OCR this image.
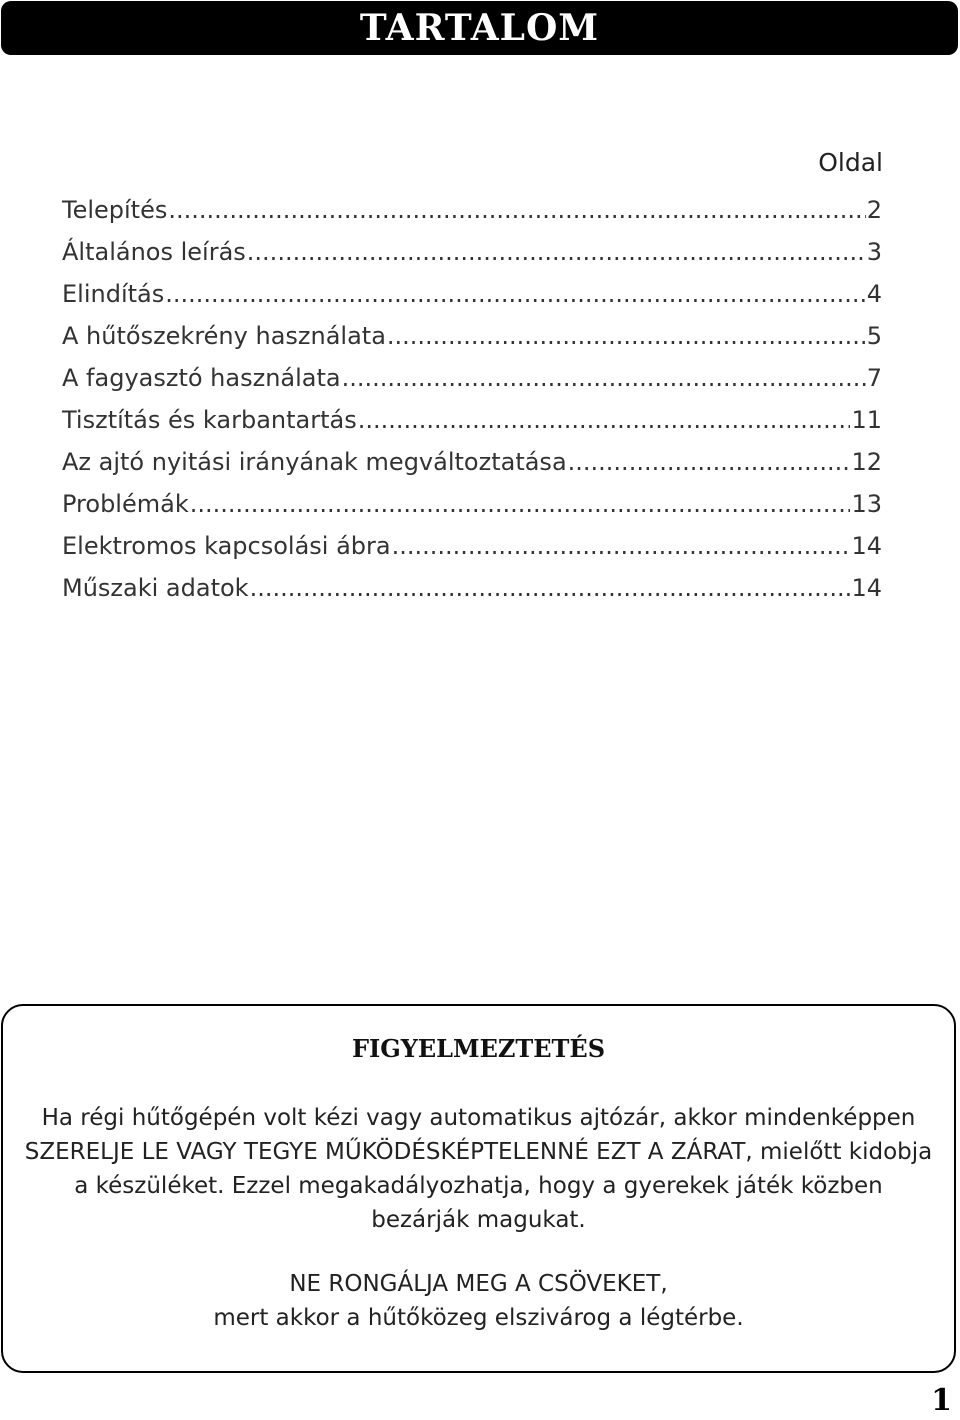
TARTALOM
Oldal
Telepítés .....	2
Általános leírás .....	3
Elindítás .....	4
A hűtőszekrény használata .....	5
A fagyasztó használata .....	7
Tisztítás és karbantartás .....	11
Az ajtó nyitási irányának megváltoztatása .....	12
Problémák .....	13
Elektromos kapcsolási ábra .....	14
Műszaki adatok .....	14
FIGYELMEZTETÉS
Ha régi hűtőgépén volt kézi vagy automatikus ajtózár, akkor mindenképpen SZERELJE LE VAGY TEGYE MŰKÖDÉSKÉPTELENNÉ EZT A ZÁRAT, mielőtt kidobja a készüléket. Ezzel megakadályozhatja, hogy a gyerekek játék közben bezárják magukat.
NE RONGÁLJA MEG A CSÖVEKET,
mert akkor a hűtőközeg elszivárog a légtérbe.
1
